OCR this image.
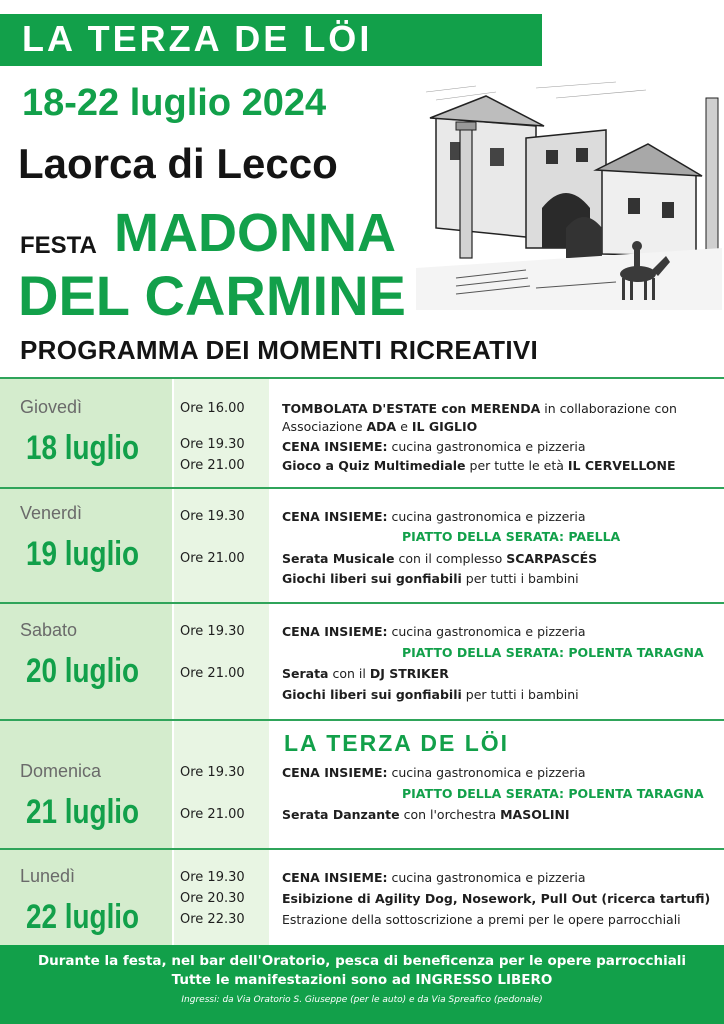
LA TERZA DE LÖI
18-22 luglio 2024
Laorca di Lecco
FESTA MADONNA
DEL CARMINE
PROGRAMMA DEI MOMENTI RICREATIVI
Giovedì
18 luglio
Ore 16.00
Ore 19.30
Ore 21.00
TOMBOLATA D'ESTATE con MERENDA in collaborazione con
Associazione ADA e IL GIGLIO
CENA INSIEME: cucina gastronomica e pizzeria
Gioco a Quiz Multimediale per tutte le età IL CERVELLONE
Venerdì
19 luglio
Ore 19.30
Ore 21.00
CENA INSIEME: cucina gastronomica e pizzeria
PIATTO DELLA SERATA: PAELLA
Serata Musicale con il complesso SCARPASCÉS
Giochi liberi sui gonfiabili per tutti i bambini
Sabato
20 luglio
Ore 19.30
Ore 21.00
CENA INSIEME: cucina gastronomica e pizzeria
PIATTO DELLA SERATA: POLENTA TARAGNA
Serata con il DJ STRIKER
Giochi liberi sui gonfiabili per tutti i bambini
LA TERZA DE LÖI
Domenica
21 luglio
Ore 19.30
Ore 21.00
CENA INSIEME: cucina gastronomica e pizzeria
PIATTO DELLA SERATA: POLENTA TARAGNA
Serata Danzante con l'orchestra MASOLINI
Lunedì
22 luglio
Ore 19.30
Ore 20.30
Ore 22.30
CENA INSIEME: cucina gastronomica e pizzeria
Esibizione di Agility Dog, Nosework, Pull Out (ricerca tartufi)
Estrazione della sottoscrizione a premi per le opere parrocchiali
Durante la festa, nel bar dell'Oratorio, pesca di beneficenza per le opere parrocchiali
Tutte le manifestazioni sono ad INGRESSO LIBERO
Ingressi: da Via Oratorio S. Giuseppe (per le auto) e da Via Spreafico (pedonale)
